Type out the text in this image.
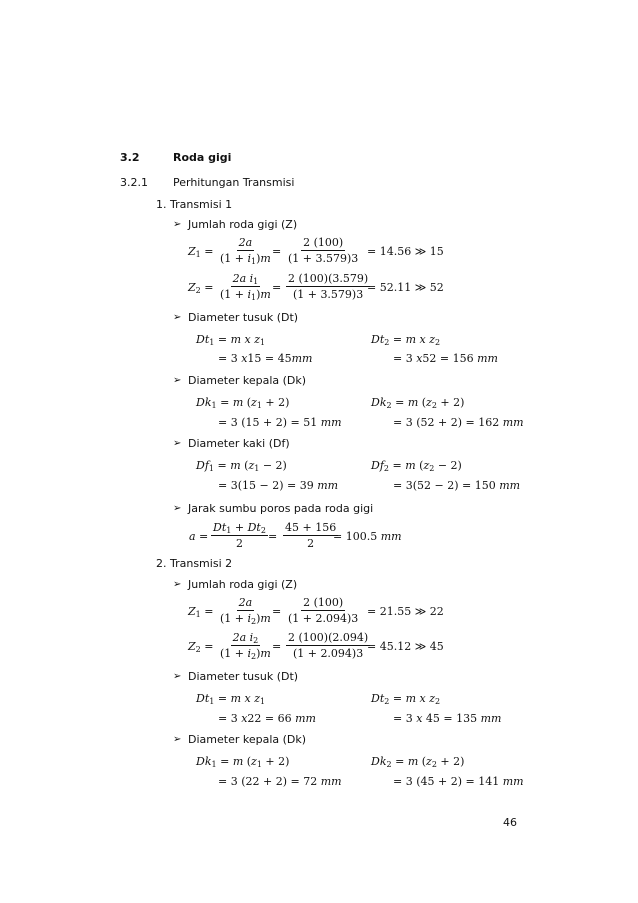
3.2	Roda gigi
3.2.1 Perhitungan Transmisi
1. Transmisi 1
➢ Jumlah roda gigi (Z)
$Z_1 = \frac{2a}{(1 + i_1)m} = \frac{2 (100)}{(1 + 3.579)3} = 14.56$ ≫ 15
$Z_2 = \frac{2a i_1}{(1 + i_1)m} = \frac{2 (100)(3.579)}{(1 + 3.579)3}$
= 52.11 ≫ 52
➢ Diameter tusuk (Dt)
$Dt_1 = m$ x $z_1$	$Dt_2 = m$ x $z_2$
= 3 𝑥15 = 45𝑚𝑚	= 3 𝑥52 = 156 𝑚𝑚
➢ Diameter kepala (Dk)
$Dk_1 = m$ $(z_1 + 2)$	$Dk_2 = m$ $(z_2 + 2)$
= 3 (15 + 2) = 51 𝑚𝑚	= 3 (52 + 2) = 162 𝑚𝑚
➢ Diameter kaki (Df)
$Df_1 = m$ $(z_1 - 2)$	$Df_2 = m$ $(z_2 - 2)$
= 3(15 − 2) = 39 𝑚𝑚	= 3(52 − 2) = 150 𝑚𝑚
➢ Jarak sumbu poros pada roda gigi
$a = \frac{Dt_1 + Dt_2}{2} = \frac{45 + 156}{2}$
= 100.5 𝑚𝑚
2. Transmisi 2
➢ Jumlah roda gigi (Z)
$Z_1 = \frac{2a}{(1 + i_2)m} = \frac{2 (100)}{(1 + 2.094)3} = 21.55$ ≫ 22
$Z_2 = \frac{2a i_2}{(1 + i_2)m} = \frac{2 (100)(2.094)}{(1 + 2.094)3}$
= 45.12 ≫ 45
➢ Diameter tusuk (Dt)
$Dt_1 = m$ x $z_1$	$Dt_2 = m$ x $z_2$
= 3 𝑥22 = 66 𝑚𝑚	= 3 𝑥 45 = 135 𝑚𝑚
➢ Diameter kepala (Dk)
$Dk_1 = m$ $(z_1 + 2)$	$Dk_2 = m$ $(z_2 + 2)$
= 3 (22 + 2) = 72 𝑚𝑚	= 3 (45 + 2) = 141 𝑚𝑚
46
